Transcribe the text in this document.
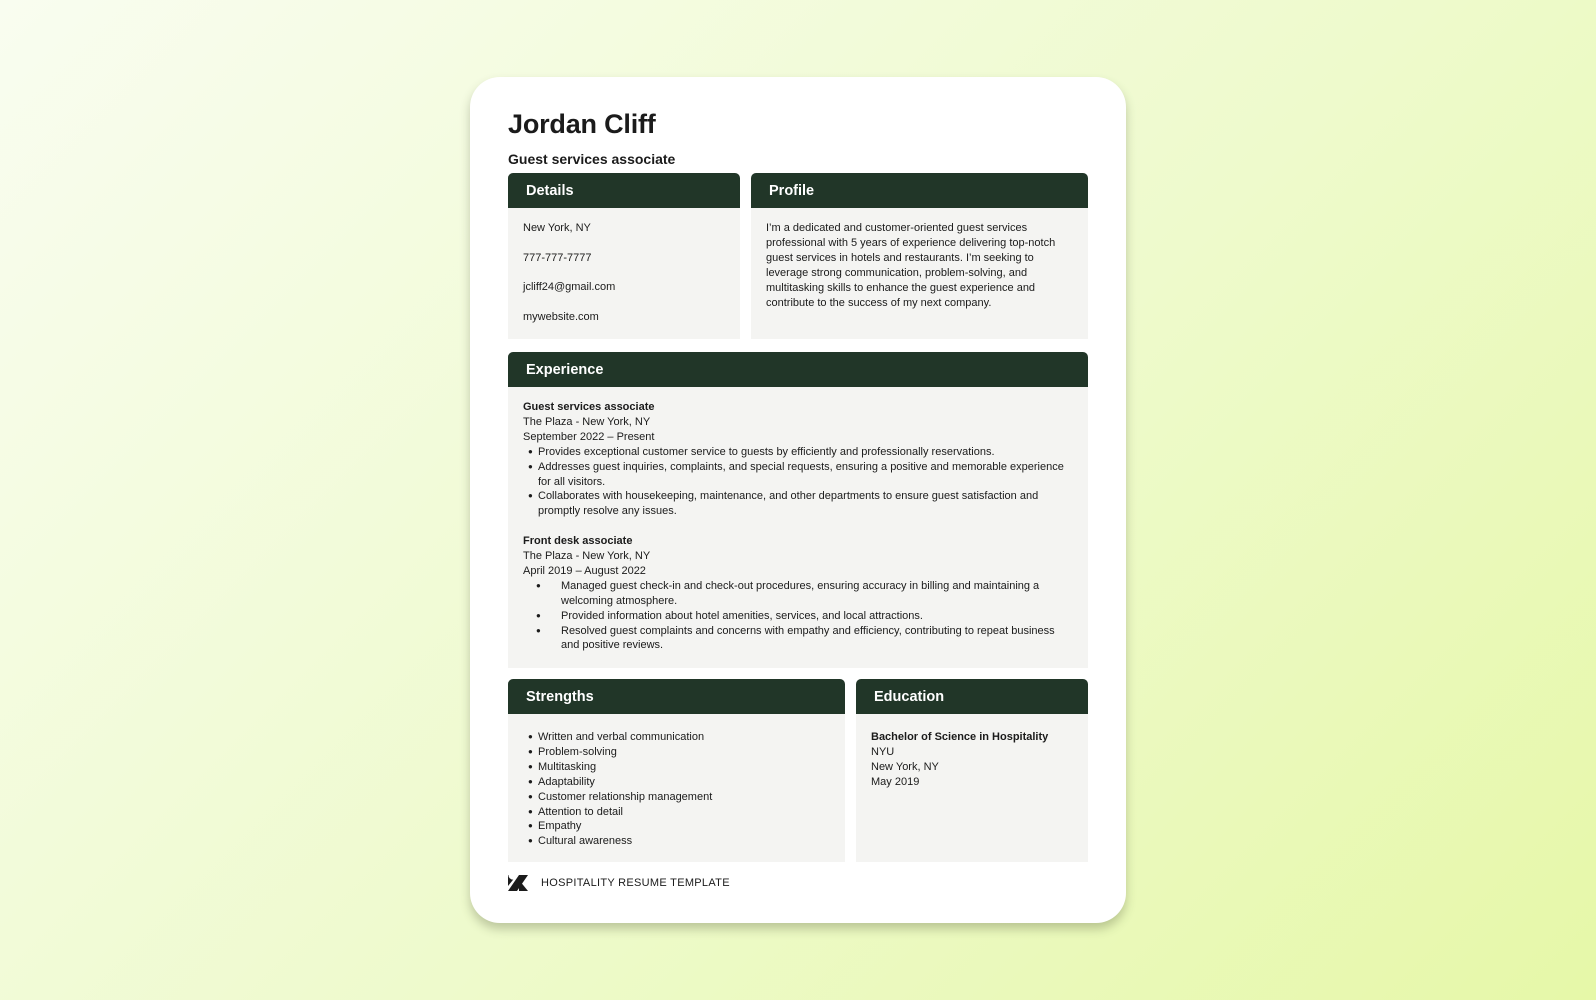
Jordan Cliff
Guest services associate
Details

New York, NY

777-777-7777

jcliff24@gmail.com

mywebsite.com

Profile

I’m a dedicated and customer-oriented guest services professional with 5 years of experience delivering top-notch guest services in hotels and restaurants. I’m seeking to leverage strong communication, problem-solving, and multitasking skills to enhance the guest experience and contribute to the success of my next company.

Experience
Guest services associate
The Plaza - New York, NY
September 2022 – Present
● Provides exceptional customer service to guests by efficiently and professionally reservations.
● Addresses guest inquiries, complaints, and special requests, ensuring a positive and memorable experience for all visitors.
● Collaborates with housekeeping, maintenance, and other departments to ensure guest satisfaction and promptly resolve any issues.
Front desk associate
The Plaza - New York, NY
April 2019 – August 2022
● Managed guest check-in and check-out procedures, ensuring accuracy in billing and maintaining a welcoming atmosphere.
● Provided information about hotel amenities, services, and local attractions.
● Resolved guest complaints and concerns with empathy and efficiency, contributing to repeat business and positive reviews.
Strengths
● Written and verbal communication
● Problem-solving
● Multitasking
● Adaptability
● Customer relationship management
● Attention to detail
● Empathy
● Cultural awareness
Education
Bachelor of Science in Hospitality
NYU
New York, NY
May 2019
HOSPITALITY RESUME TEMPLATE
